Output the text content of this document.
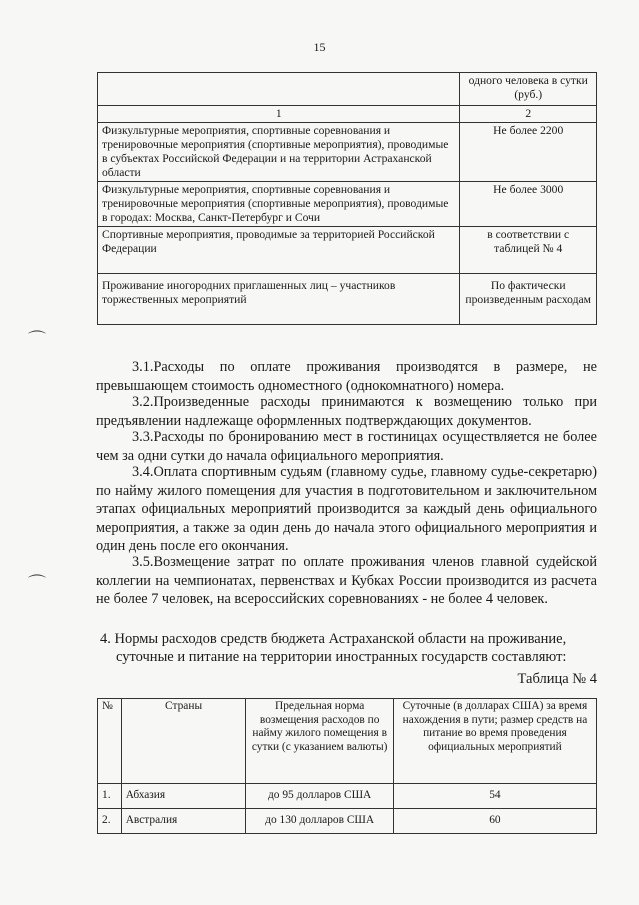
15
	одного человека в сутки (руб.)
1	2
Физкультурные мероприятия, спортивные соревнования и тренировочные мероприятия (спортивные мероприятия), проводимые в субъектах Российской Федерации и на территории Астраханской области	Не более 2200
Физкультурные мероприятия, спортивные соревнования и тренировочные мероприятия (спортивные мероприятия), проводимые в городах: Москва, Санкт-Петербург и Сочи	Не более 3000
Спортивные мероприятия, проводимые за территорией Российской Федерации	в соответствии с таблицей № 4
Проживание иногородних приглашенных лиц – участников торжественных мероприятий	По фактически произведенным расходам
⌒
⌒

3.1.Расходы по оплате проживания производятся в размере, не превышающем стоимость одноместного (однокомнатного) номера.

3.2.Произведенные расходы принимаются к возмещению только при предъявлении надлежаще оформленных подтверждающих документов.

3.3.Расходы по бронированию мест в гостиницах осуществляется не более чем за одни сутки до начала официального мероприятия.

3.4.Оплата спортивным судьям (главному судье, главному судье-секретарю) по найму жилого помещения для участия в подготовительном и заключительном этапах официальных мероприятий производится за каждый день официального мероприятия, а также за один день до начала этого официального мероприятия и один день после его окончания.

3.5.Возмещение затрат по оплате проживания членов главной судейской коллегии на чемпионатах, первенствах и Кубках России производится из расчета не более 7 человек, на всероссийских соревнованиях - не более 4 человек.

4. Нормы расходов средств бюджета Астраханской области на проживание, суточные и питание на территории иностранных государств составляют:

Таблица № 4
№	Страны	Предельная норма возмещения расходов по найму жилого помещения в сутки (с указанием валюты)	Суточные (в долларах США) за время нахождения в пути; размер средств на питание во время проведения официальных мероприятий
1.	Абхазия	до 95 долларов США	54
2.	Австралия	до 130 долларов США	60
